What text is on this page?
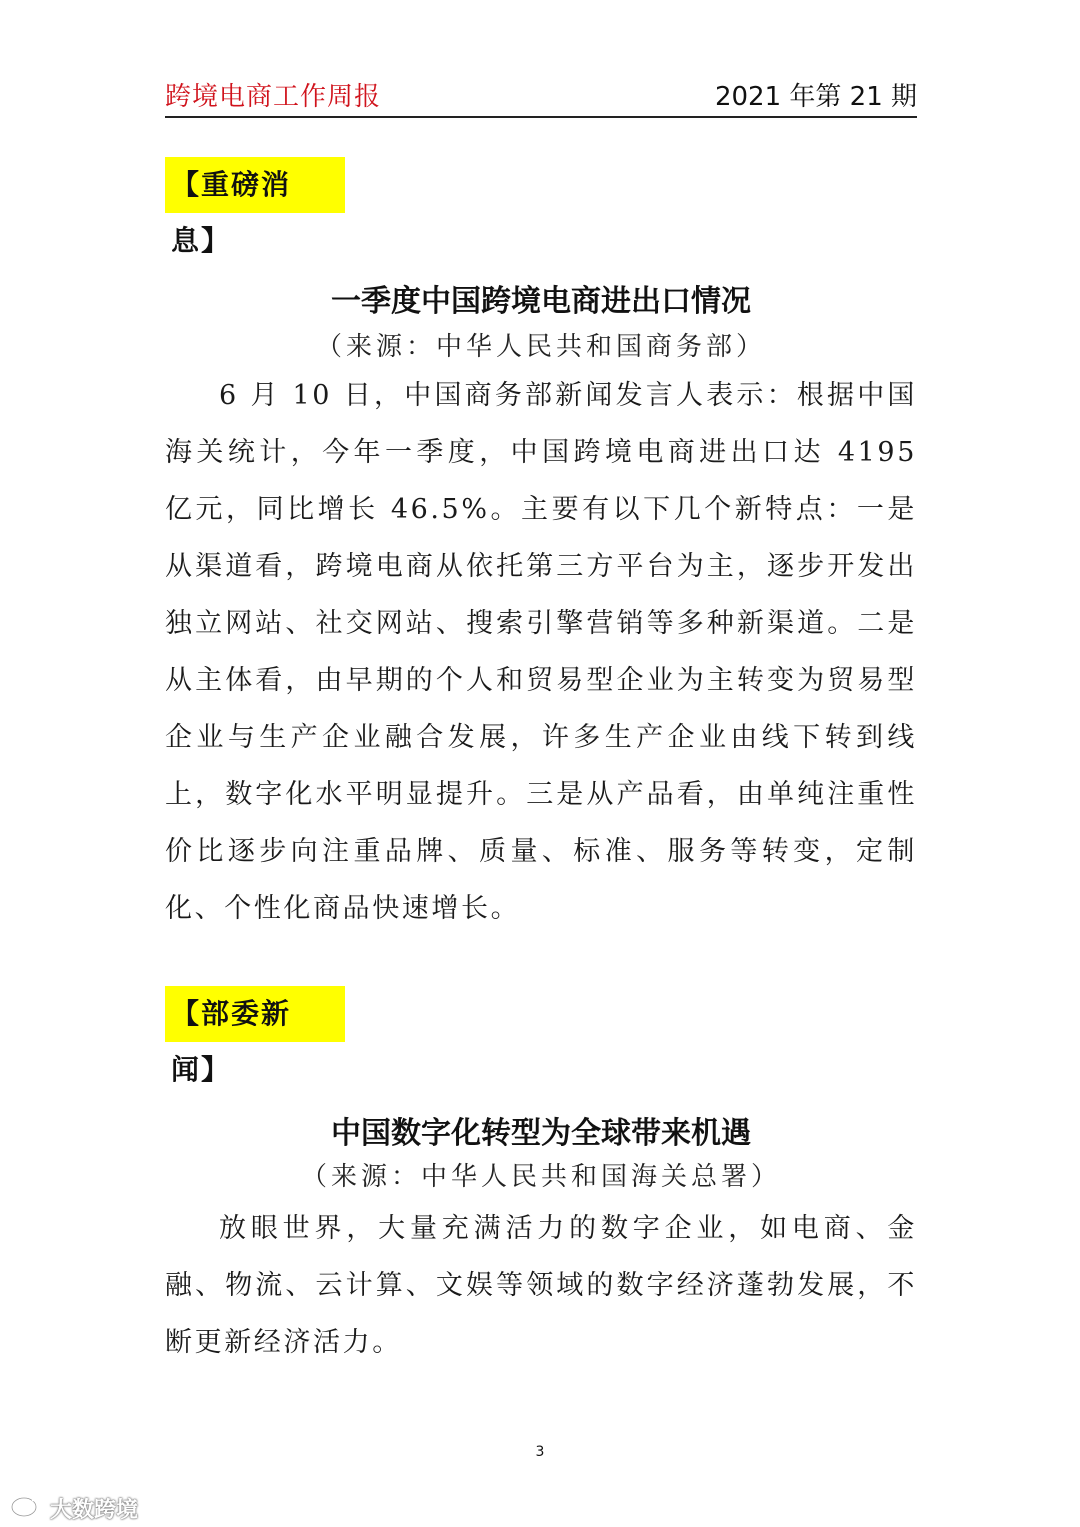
跨境电商工作周报	2021 年第 21 期
【重磅消息】
一季度中国跨境电商进出口情况
（来源：中华人民共和国商务部）
6 月 10 日，中国商务部新闻发言人表示：根据中国海关统计，今年一季度，中国跨境电商进出口达 4195 亿元，同比增长 46.5%。主要有以下几个新特点：一是从渠道看，跨境电商从依托第三方平台为主，逐步开发出独立网站、社交网站、搜索引擎营销等多种新渠道。二是从主体看，由早期的个人和贸易型企业为主转变为贸易型企业与生产企业融合发展，许多生产企业由线下转到线上，数字化水平明显提升。三是从产品看，由单纯注重性价比逐步向注重品牌、质量、标准、服务等转变，定制化、个性化商品快速增长。
【部委新闻】
中国数字化转型为全球带来机遇
（来源：中华人民共和国海关总署）
放眼世界，大量充满活力的数字企业，如电商、金融、物流、云计算、文娱等领域的数字经济蓬勃发展，不断更新经济活力。
3
大数跨境
